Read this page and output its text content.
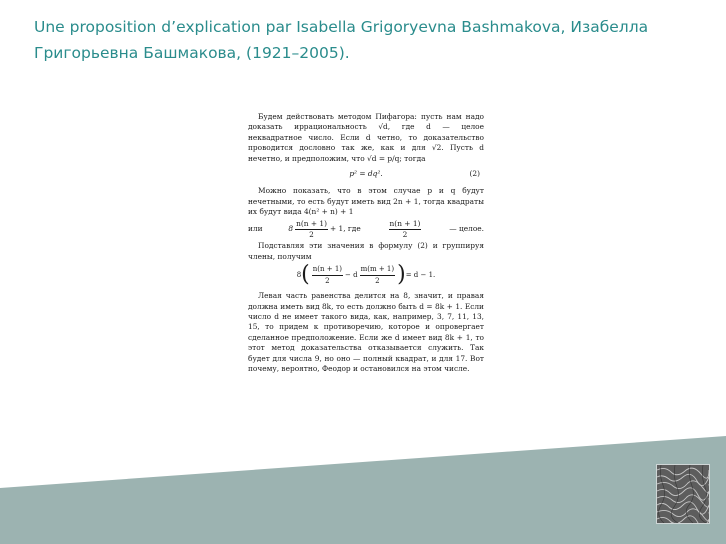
Une proposition d’explication par Isabella Grigoryevna Bashmakova, Изабелла Григорьевна Башмакова, (1921–2005).

Будем действовать методом Пифагора: пусть нам надо доказать иррациональность √d, где d — целое неквадратное число. Если d четно, то доказательство проводится дословно так же, как и для √2. Пусть d нечетно, и предположим, что √d = p/q; тогда

p² = dq².	(2)

Можно показать, что в этом случае p и q будут нечетными, то есть будут иметь вид 2n + 1, тогда квадраты их будут вида 4(n² + n) + 1

или	$8 \frac{n(n + 1)}{2} + 1$, где	$\frac{n(n + 1)}{2}$	— целое.

Подставляя эти значения в формулу (2) и группируя члены, получим

8 ( $\frac{n(n + 1)}{2} - d \frac{m(m + 1)}{2}$ ) = d − 1.

Левая часть равенства делится на 8, значит, и правая должна иметь вид 8k, то есть должно быть d = 8k + 1. Если число d не имеет такого вида, как, например, 3, 7, 11, 13, 15, то придем к противоречию, которое и опровергает сделанное предположение. Если же d имеет вид 8k + 1, то этот метод доказательства отказывается служить. Так будет для числа 9, но оно — полный квадрат, и для 17. Вот почему, вероятно, Феодор и остановился на этом числе.
